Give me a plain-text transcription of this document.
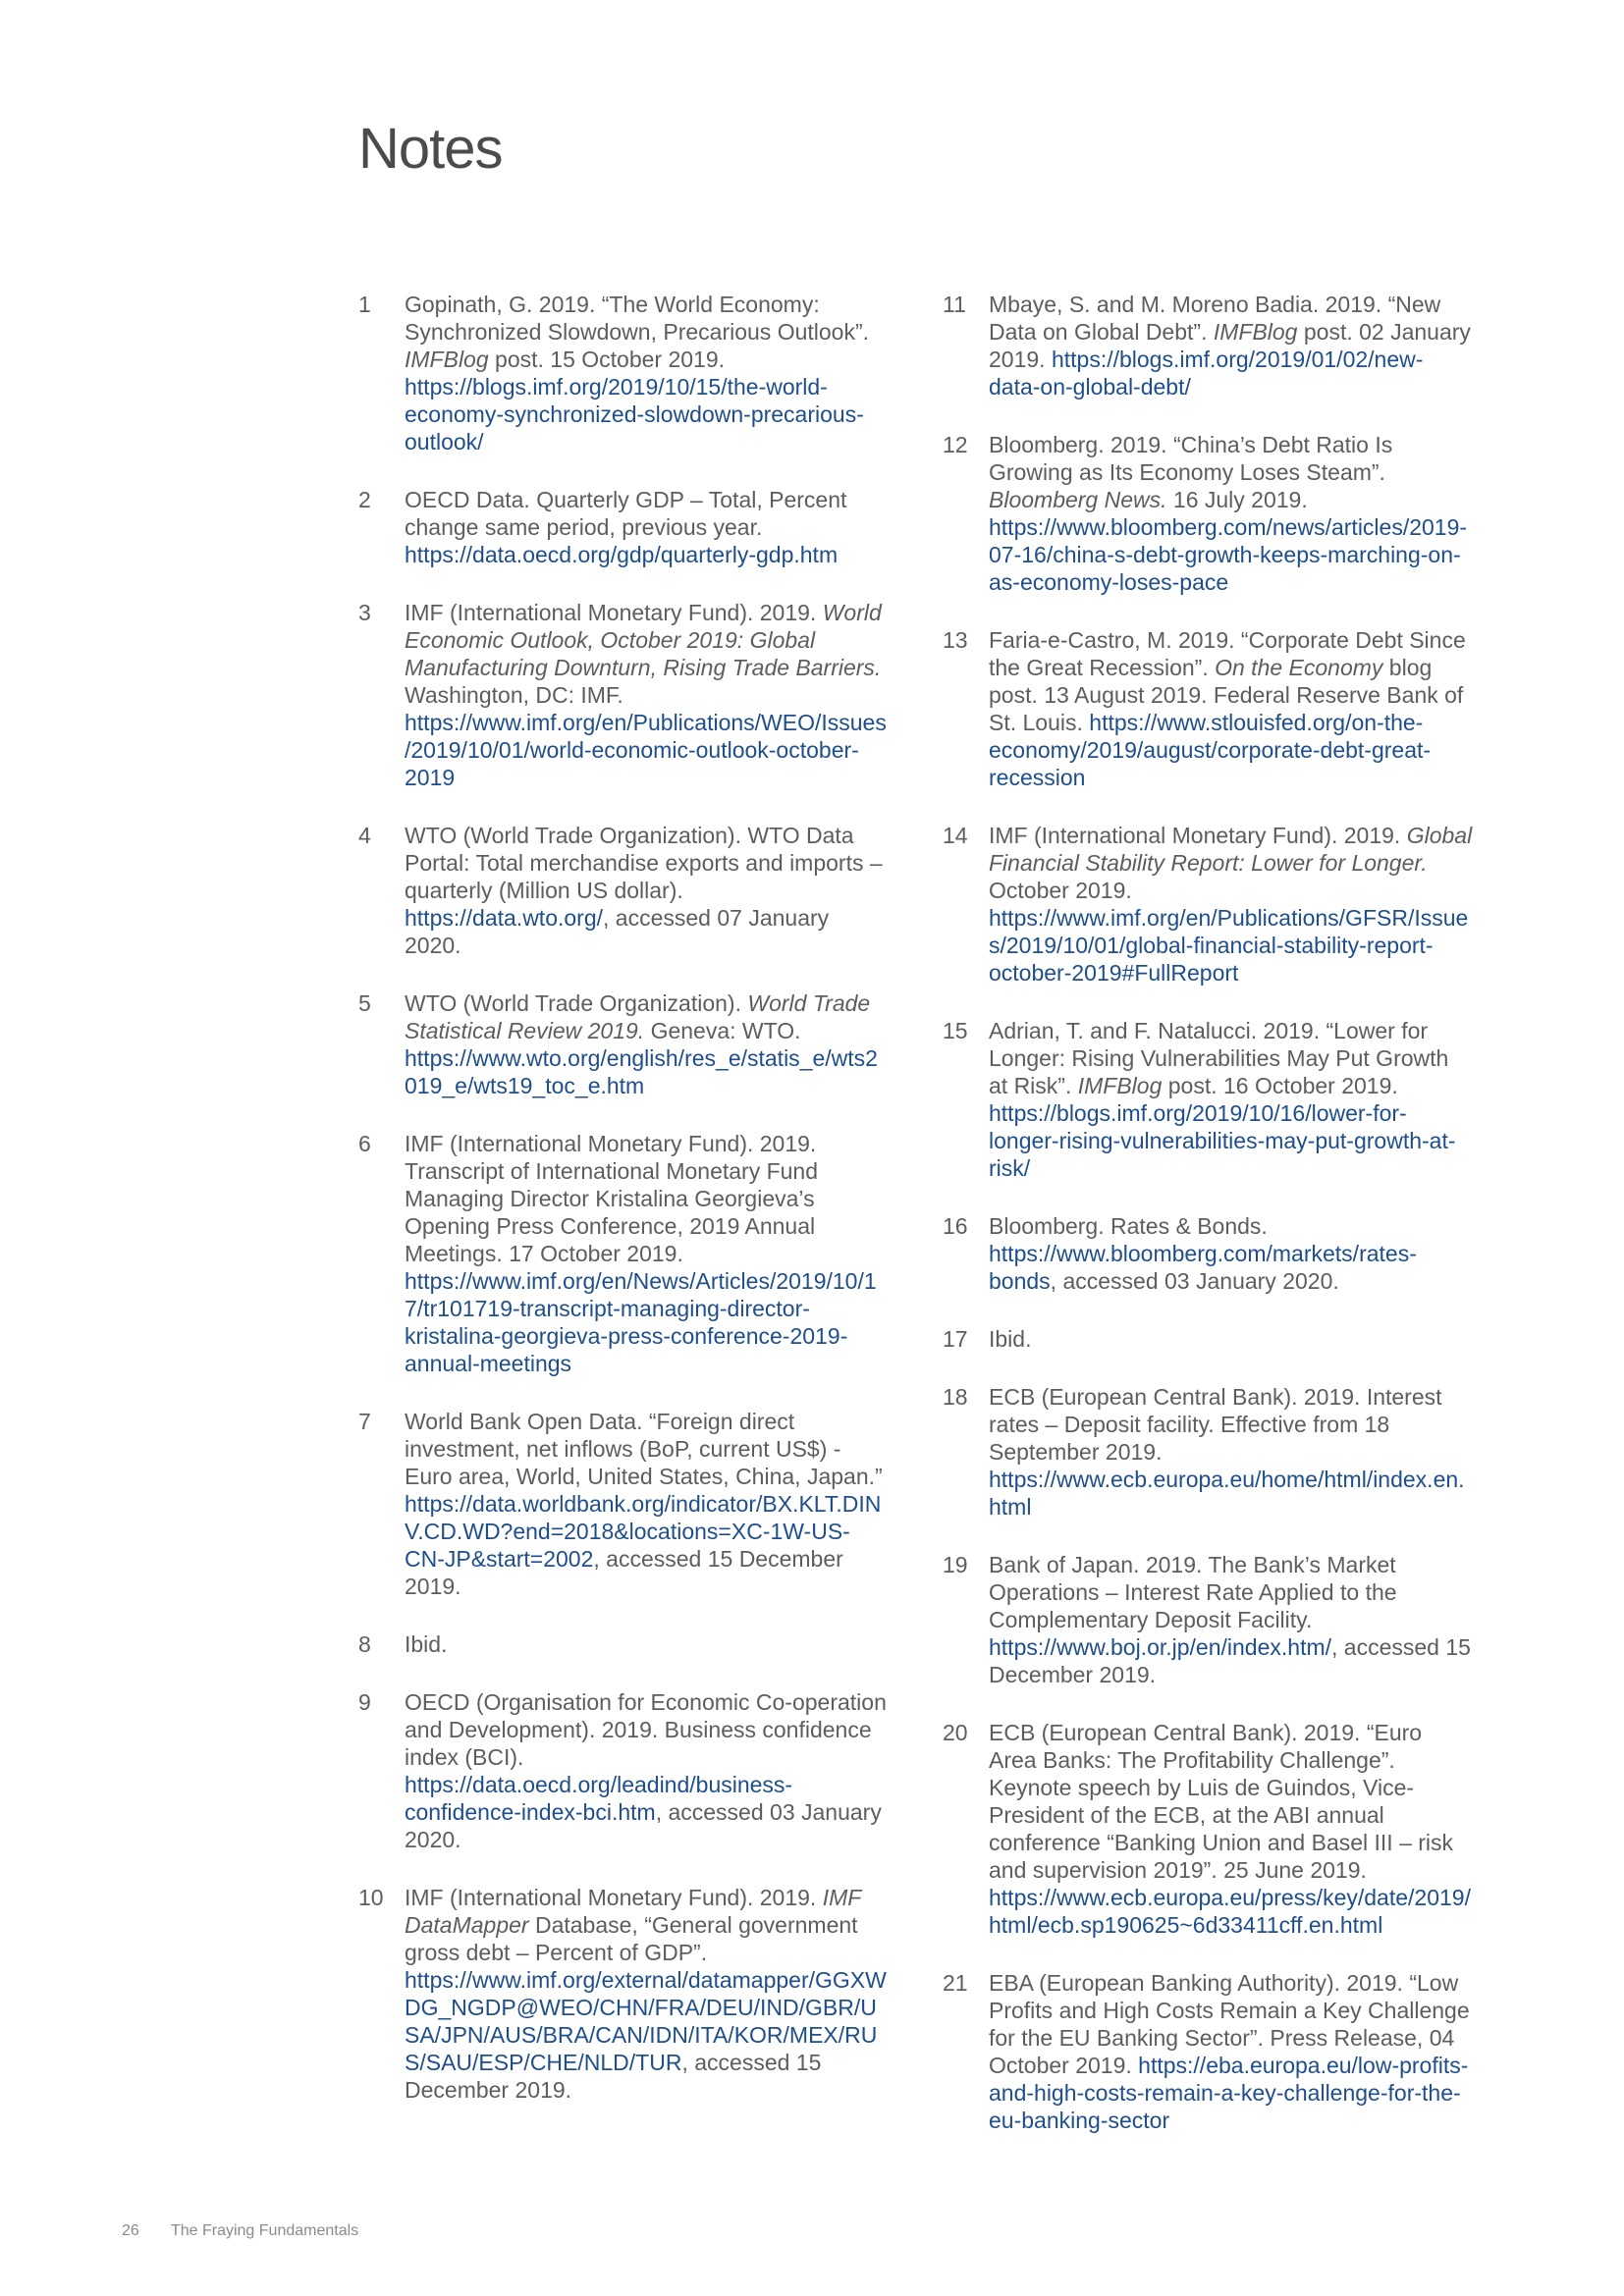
Notes
1 Gopinath, G. 2019. “The World Economy: Synchronized Slowdown, Precarious Outlook”. IMFBlog post. 15 October 2019. https://blogs.imf.org/2019/10/15/the-world-economy-synchronized-slowdown-precarious-outlook/
2 OECD Data. Quarterly GDP – Total, Percent change same period, previous year. https://data.oecd.org/gdp/quarterly-gdp.htm
3 IMF (International Monetary Fund). 2019. World Economic Outlook, October 2019: Global Manufacturing Downturn, Rising Trade Barriers. Washington, DC: IMF. https://www.imf.org/en/Publications/WEO/Issues/2019/10/01/world-economic-outlook-october-2019
4 WTO (World Trade Organization). WTO Data Portal: Total merchandise exports and imports – quarterly (Million US dollar). https://data.wto.org/, accessed 07 January 2020.
5 WTO (World Trade Organization). World Trade Statistical Review 2019. Geneva: WTO. https://www.wto.org/english/res_e/statis_e/wts2019_e/wts19_toc_e.htm
6 IMF (International Monetary Fund). 2019. Transcript of International Monetary Fund Managing Director Kristalina Georgieva’s Opening Press Conference, 2019 Annual Meetings. 17 October 2019. https://www.imf.org/en/News/Articles/2019/10/17/tr101719-transcript-managing-director-kristalina-georgieva-press-conference-2019-annual-meetings
7 World Bank Open Data. “Foreign direct investment, net inflows (BoP, current US$) - Euro area, World, United States, China, Japan.” https://data.worldbank.org/indicator/BX.KLT.DINV.CD.WD?end=2018&locations=XC-1W-US-CN-JP&start=2002, accessed 15 December 2019.
8 Ibid.
9 OECD (Organisation for Economic Co-operation and Development). 2019. Business confidence index (BCI). https://data.oecd.org/leadind/business-confidence-index-bci.htm, accessed 03 January 2020.
10 IMF (International Monetary Fund). 2019. IMF DataMapper Database, “General government gross debt – Percent of GDP”. https://www.imf.org/external/datamapper/GGXWDG_NGDP@WEO/CHN/FRA/DEU/IND/GBR/USA/JPN/AUS/BRA/CAN/IDN/ITA/KOR/MEX/RUS/SAU/ESP/CHE/NLD/TUR, accessed 15 December 2019.
11 Mbaye, S. and M. Moreno Badia. 2019. “New Data on Global Debt”. IMFBlog post. 02 January 2019. https://blogs.imf.org/2019/01/02/new-data-on-global-debt/
12 Bloomberg. 2019. “China’s Debt Ratio Is Growing as Its Economy Loses Steam”. Bloomberg News. 16 July 2019. https://www.bloomberg.com/news/articles/2019-07-16/china-s-debt-growth-keeps-marching-on-as-economy-loses-pace
13 Faria-e-Castro, M. 2019. “Corporate Debt Since the Great Recession”. On the Economy blog post. 13 August 2019. Federal Reserve Bank of St. Louis. https://www.stlouisfed.org/on-the-economy/2019/august/corporate-debt-great-recession
14 IMF (International Monetary Fund). 2019. Global Financial Stability Report: Lower for Longer. October 2019. https://www.imf.org/en/Publications/GFSR/Issues/2019/10/01/global-financial-stability-report-october-2019#FullReport
15 Adrian, T. and F. Natalucci. 2019. “Lower for Longer: Rising Vulnerabilities May Put Growth at Risk”. IMFBlog post. 16 October 2019. https://blogs.imf.org/2019/10/16/lower-for-longer-rising-vulnerabilities-may-put-growth-at-risk/
16 Bloomberg. Rates & Bonds. https://www.bloomberg.com/markets/rates-bonds, accessed 03 January 2020.
17 Ibid.
18 ECB (European Central Bank). 2019. Interest rates – Deposit facility. Effective from 18 September 2019. https://www.ecb.europa.eu/home/html/index.en.html
19 Bank of Japan. 2019. The Bank’s Market Operations – Interest Rate Applied to the Complementary Deposit Facility. https://www.boj.or.jp/en/index.htm/, accessed 15 December 2019.
20 ECB (European Central Bank). 2019. “Euro Area Banks: The Profitability Challenge”. Keynote speech by Luis de Guindos, Vice-President of the ECB, at the ABI annual conference “Banking Union and Basel III – risk and supervision 2019”. 25 June 2019. https://www.ecb.europa.eu/press/key/date/2019/html/ecb.sp190625~6d33411cff.en.html
21 EBA (European Banking Authority). 2019. “Low Profits and High Costs Remain a Key Challenge for the EU Banking Sector”. Press Release, 04 October 2019. https://eba.europa.eu/low-profits-and-high-costs-remain-a-key-challenge-for-the-eu-banking-sector
26 The Fraying Fundamentals
